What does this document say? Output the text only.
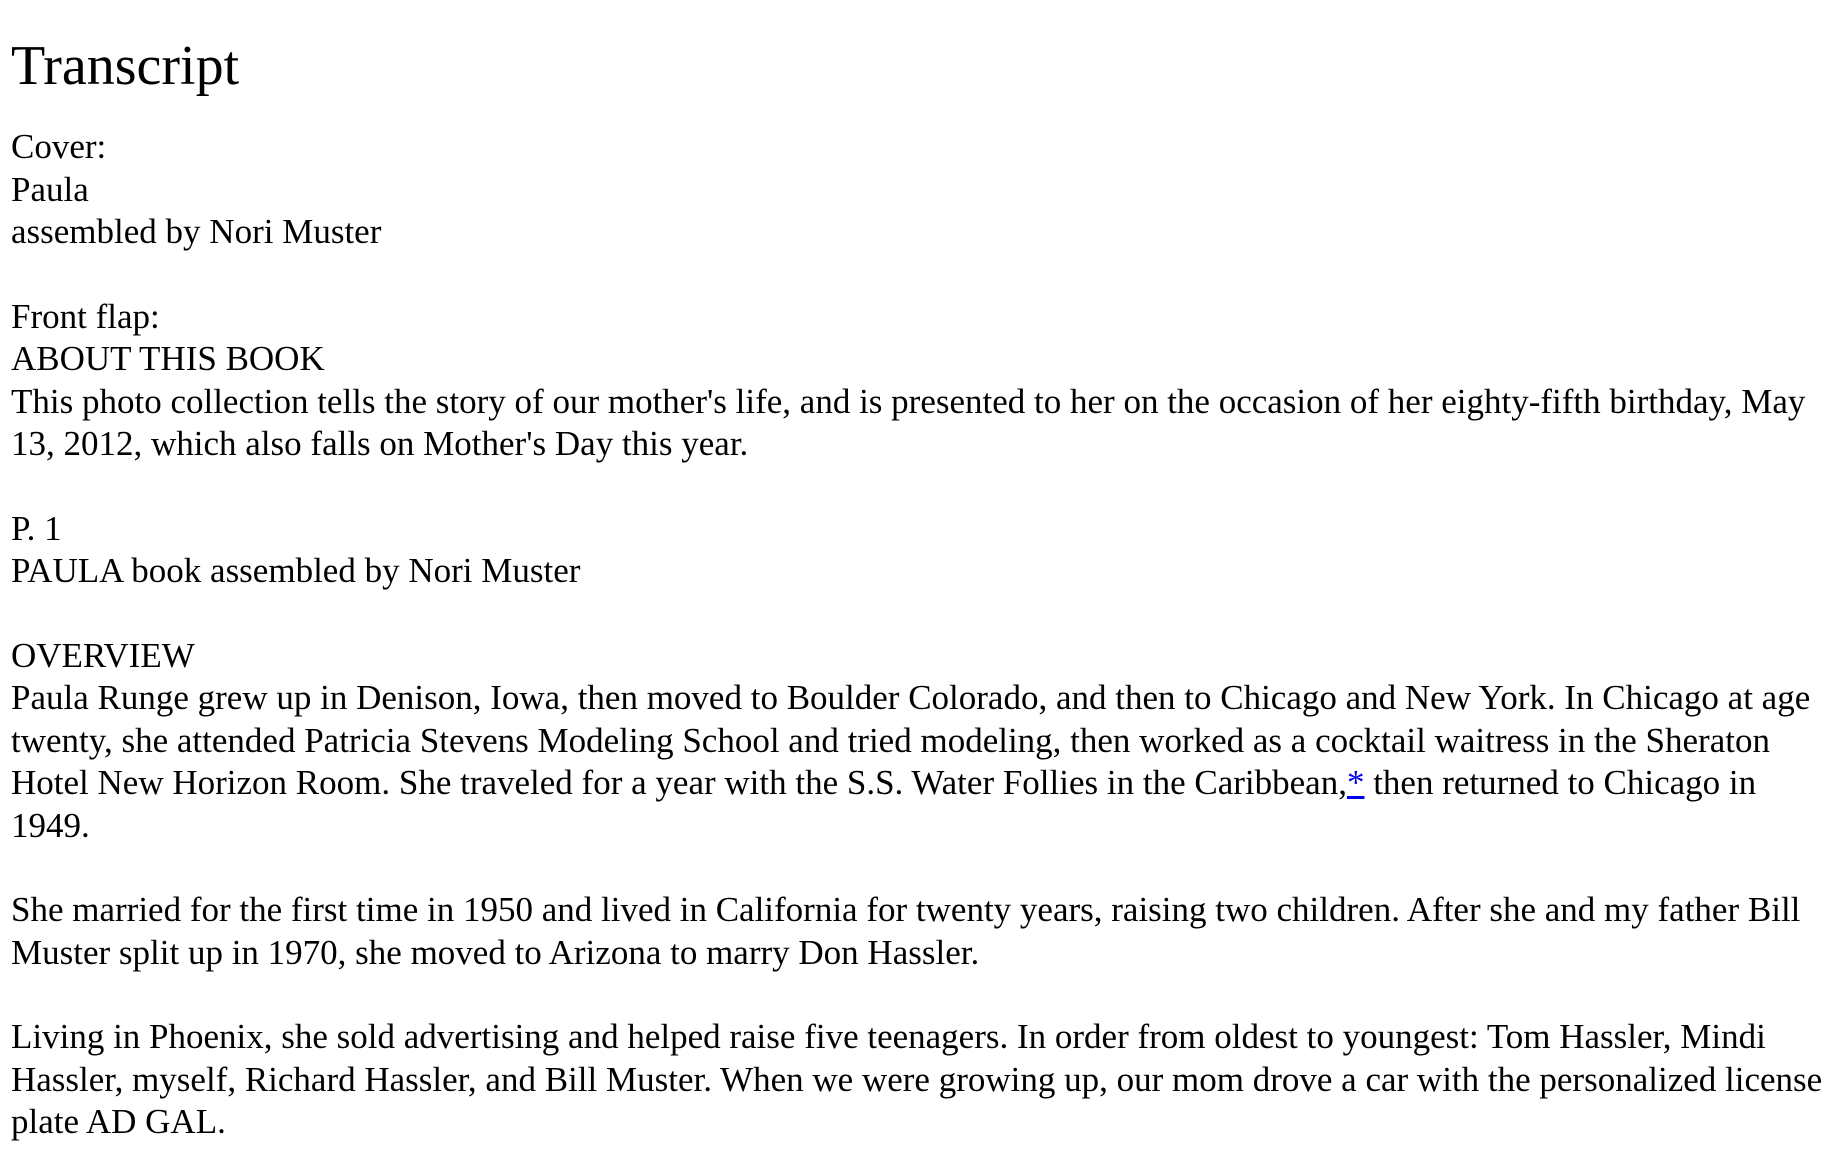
Transcript
Cover:
Paula
assembled by Nori Muster
Front flap:
ABOUT THIS BOOK
This photo collection tells the story of our mother's life, and is presented to her on the occasion of her eighty-fifth birthday, May 13, 2012, which also falls on Mother's Day this year.
P. 1
PAULA book assembled by Nori Muster
OVERVIEW
Paula Runge grew up in Denison, Iowa, then moved to Boulder Colorado, and then to Chicago and New York. In Chicago at age twenty, she attended Patricia Stevens Modeling School and tried modeling, then worked as a cocktail waitress in the Sheraton Hotel New Horizon Room. She traveled for a year with the S.S. Water Follies in the Caribbean,* then returned to Chicago in 1949.
She married for the first time in 1950 and lived in California for twenty years, raising two children. After she and my father Bill Muster split up in 1970, she moved to Arizona to marry Don Hassler.
Living in Phoenix, she sold advertising and helped raise five teenagers. In order from oldest to youngest: Tom Hassler, Mindi Hassler, myself, Richard Hassler, and Bill Muster. When we were growing up, our mom drove a car with the personalized license plate AD GAL.
